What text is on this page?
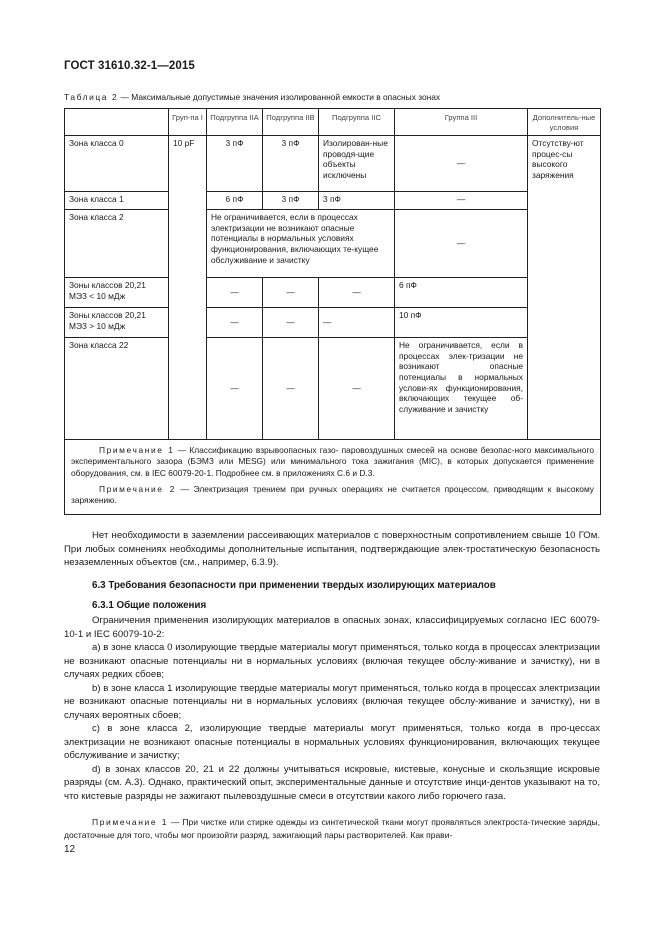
ГОСТ 31610.32-1—2015
Таблица 2 — Максимальные допустимые значения изолированной емкости в опасных зонах
	Груп-па I	Подгруппа IIA	Подгруппа IIB	Подгруппа IIC	Группа III	Дополнитель-ные условия
Зона класса 0	10 pF	3 пФ	3 пФ	Изолирован-ные проводя-щие объекты исключены	—	Отсутству-ют процес-сы высокого заряжения
Зона класса 1		6 пФ	3 пФ	3 пФ	—	
Зона класса 2		Не ограничивается, если в процессах электризации не возникают опасные потенциалы в нормальных условиях функционирования, включающих те-кущее обслуживание и зачистку			—	
Зоны классов 20,21 МЭЗ < 10 мДж		—	—	—	6 пФ	
Зоны классов 20,21 МЭЗ > 10 мДж		—	—	—	10 пФ	
Зона класса 22		—	—	—	Не ограничивается, если в процессах элек-тризации не возникают опасные потенциалы в нормальных услови-ях функционирования, включающих текущее об-служивание и зачистку	

Примечание 1 — Классификацию взрывоопасных газо- паровоздушных смесей на основе безопас-ного максимального экспериментального зазора (БЭМЗ или MESG) или минимального тока зажигания (MIC), в которых допускается применение оборудования, см. в IEC 60079-20-1. Подробнее см. в приложениях C.6 и D.3.

Примечание 2 — Электризация трением при ручных операциях не считается процессом, приводящим к высокому заряжению.						

Нет необходимости в заземлении рассеивающих материалов с поверхностным сопротивлением свыше 10 ГОм. При любых сомнениях необходимы дополнительные испытания, подтверждающие элек-тростатическую безопасность незаземленных объектов (см., например, 6.3.9).

6.3 Требования безопасности при применении твердых изолирующих материалов
6.3.1 Общие положения

Ограничения применения изолирующих материалов в опасных зонах, классифицируемых согласно IEC 60079-10-1 и IEC 60079-10-2:

a) в зоне класса 0 изолирующие твердые материалы могут применяться, только когда в процессах электризации не возникают опасные потенциалы ни в нормальных условиях (включая текущее обслу-живание и зачистку), ни в случаях редких сбоев;

b) в зоне класса 1 изолирующие твердые материалы могут применяться, только когда в процессах электризации не возникают опасные потенциалы ни в нормальных условиях (включая текущее обслу-живание и зачистку), ни в случаях вероятных сбоев;

c) в зоне класса 2, изолирующие твердые материалы могут применяться, только когда в про-цессах электризации не возникают опасные потенциалы в нормальных условиях функционирования, включающих текущее обслуживание и зачистку;

d) в зонах классов 20, 21 и 22 должны учитываться искровые, кистевые, конусные и скользящие искровые разряды (см. А.3). Однако, практический опыт, экспериментальные данные и отсутствие инци-дентов указывают на то, что кистевые разряды не зажигают пылевоздушные смеси в отсутствии какого либо горючего газа.

Примечание 1 — При чистке или стирке одежды из синтетической ткани могут проявляться электроста-тические заряды, достаточные для того, чтобы мог произойти разряд, зажигающий пары растворителей. Как прави-

12
